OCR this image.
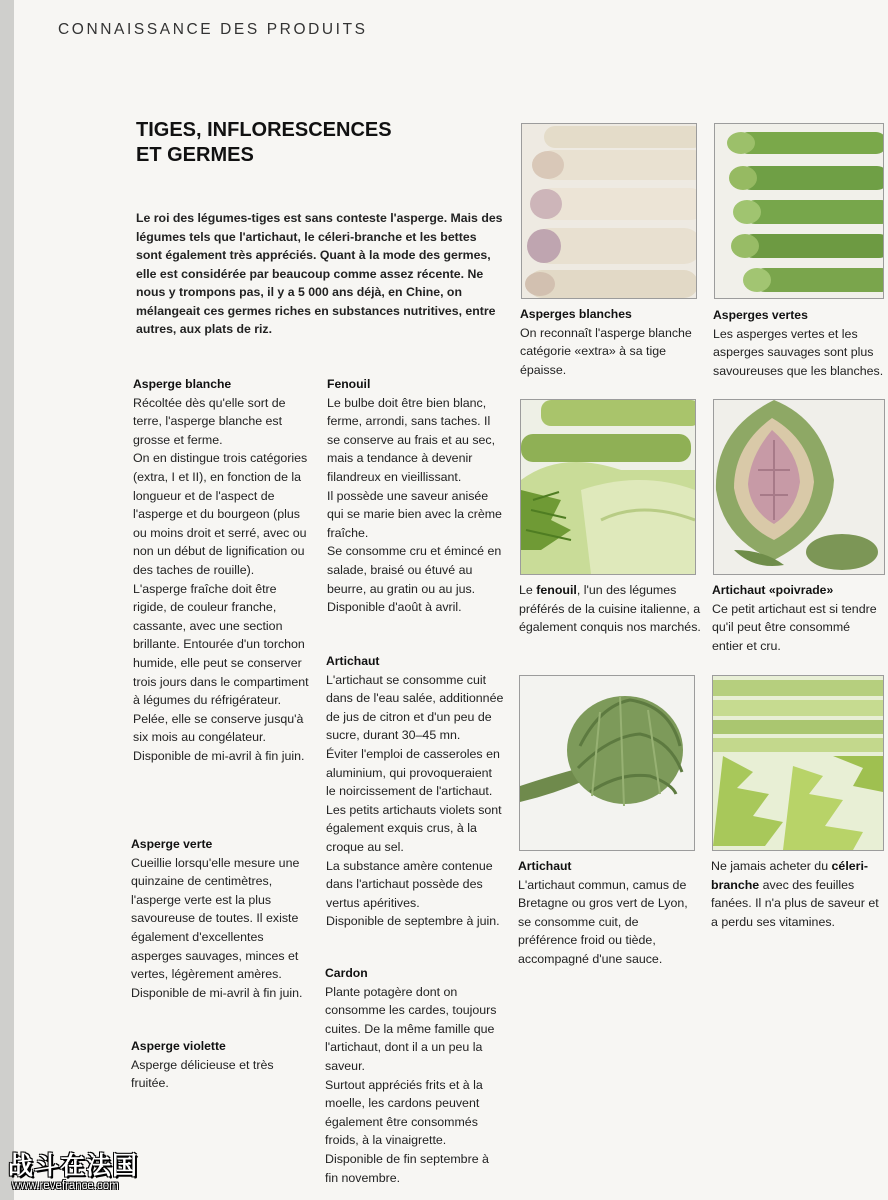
CONNAISSANCE DES PRODUITS
TIGES, INFLORESCENCES
ET GERMES
Le roi des légumes-tiges est sans conteste l'asperge. Mais des légumes tels que l'artichaut, le céleri-branche et les bettes sont également très appréciés. Quant à la mode des germes, elle est considérée par beaucoup comme assez récente. Ne nous y trompons pas, il y a 5 000 ans déjà, en Chine, on mélangeait ces germes riches en substances nutritives, entre autres, aux plats de riz.
Asperge blanche

Récoltée dès qu'elle sort de terre, l'asperge blanche est grosse et ferme.

On en distingue trois catégories (extra, I et II), en fonction de la longueur et de l'aspect de l'asperge et du bourgeon (plus ou moins droit et serré, avec ou non un début de lignification ou des taches de rouille).

L'asperge fraîche doit être rigide, de couleur franche, cassante, avec une section brillante. Entourée d'un torchon humide, elle peut se conserver trois jours dans le compartiment à légumes du réfrigérateur.

Pelée, elle se conserve jusqu'à six mois au congélateur.

Disponible de mi-avril à fin juin.

Asperge verte

Cueillie lorsqu'elle mesure une quinzaine de centimètres, l'asperge verte est la plus savoureuse de toutes. Il existe également d'excellentes asperges sauvages, minces et vertes, légèrement amères.

Disponible de mi-avril à fin juin.

Asperge violette

Asperge délicieuse et très fruitée.

Fenouil

Le bulbe doit être bien blanc, ferme, arrondi, sans taches. Il se conserve au frais et au sec, mais a tendance à devenir filandreux en vieillissant.

Il possède une saveur anisée qui se marie bien avec la crème fraîche.

Se consomme cru et émincé en salade, braisé ou étuvé au beurre, au gratin ou au jus.

Disponible d'août à avril.

Artichaut

L'artichaut se consomme cuit dans de l'eau salée, additionnée de jus de citron et d'un peu de sucre, durant 30–45 mn.

Éviter l'emploi de casseroles en aluminium, qui provoqueraient le noircissement de l'artichaut. Les petits artichauts violets sont également exquis crus, à la croque au sel.

La substance amère contenue dans l'artichaut possède des vertus apéritives.

Disponible de septembre à juin.

Cardon

Plante potagère dont on consomme les cardes, toujours cuites. De la même famille que l'artichaut, dont il a un peu la saveur.

Surtout appréciés frits et à la moelle, les cardons peuvent également être consommés froids, à la vinaigrette.

Disponible de fin septembre à fin novembre.

Asperges blanches

On reconnaît l'asperge blanche catégorie «extra» à sa tige épaisse.

Asperges vertes

Les asperges vertes et les asperges sauvages sont plus savoureuses que les blanches.

Le fenouil, l'un des légumes préférés de la cuisine italienne, a également conquis nos marchés.

Artichaut «poivrade»

Ce petit artichaut est si tendre qu'il peut être consommé entier et cru.

Artichaut

L'artichaut commun, camus de Bretagne ou gros vert de Lyon, se consomme cuit, de préférence froid ou tiède, accompagné d'une sauce.

Ne jamais acheter du céleri-branche avec des feuilles fanées. Il n'a plus de saveur et a perdu ses vitamines.

战斗在法国
www.revefrance.com
